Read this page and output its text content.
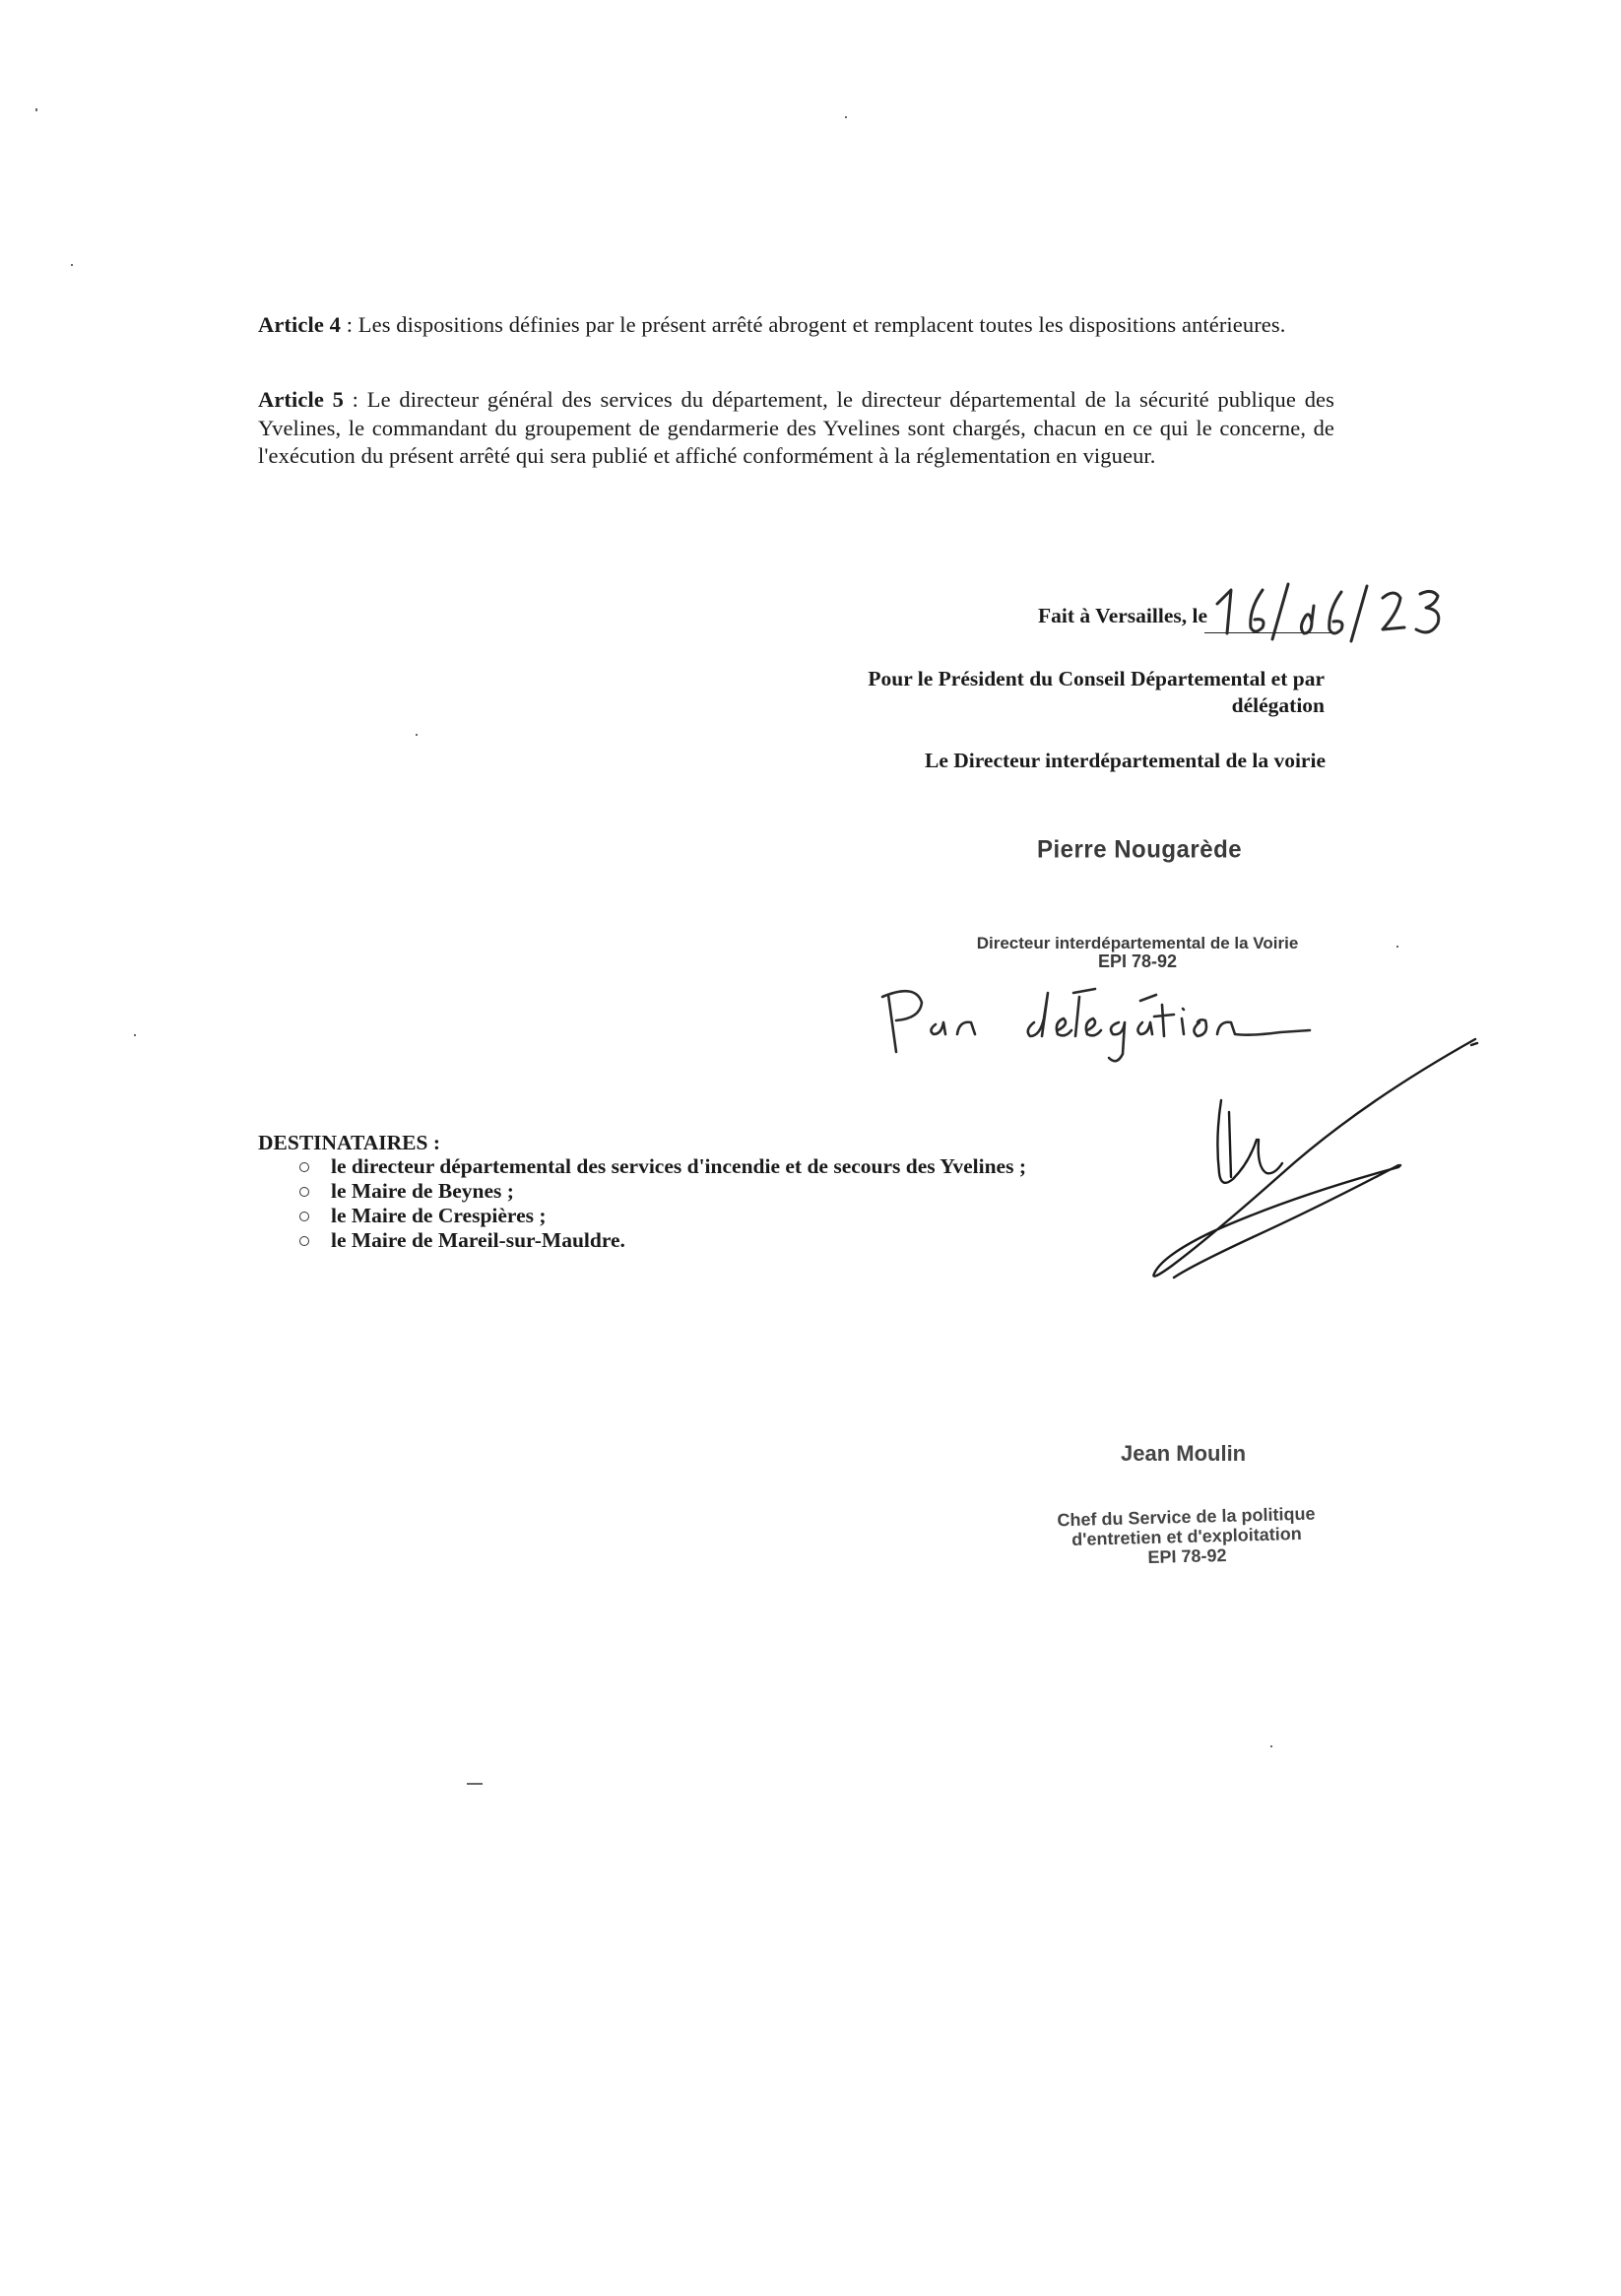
Article 4 : Les dispositions définies par le présent arrêté abrogent et remplacent toutes les dispositions antérieures.

Article 5 : Le directeur général des services du département, le directeur départemental de la sécurité publique des Yvelines, le commandant du groupement de gendarmerie des Yvelines sont chargés, chacun en ce qui le concerne, de l'exécution du présent arrêté qui sera publié et affiché conformément à la réglementation en vigueur.

Fait à Versailles, le
Pour le Président du Conseil Départemental et par délégation
Le Directeur interdépartemental de la voirie
Pierre Nougarède
Directeur interdépartemental de la Voirie
EPI 78-92
DESTINATAIRES :
le directeur départemental des services d'incendie et de secours des Yvelines ;
le Maire de Beynes ;
le Maire de Crespières ;
le Maire de Mareil-sur-Mauldre.
Jean Moulin
Chef du Service de la politique
d'entretien et d'exploitation
EPI 78-92
